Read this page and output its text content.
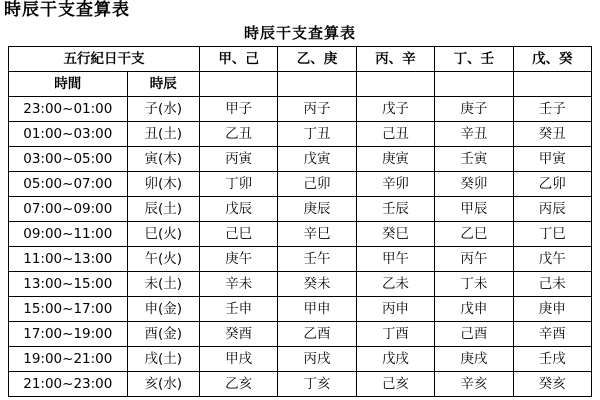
時辰干支查算表
時辰干支查算表
五行紀日干支		甲、己	乙、庚	丙、辛	丁、壬	戊、癸
時間	時辰					
23:00~01:00	子(水)	甲子	丙子	戊子	庚子	壬子
01:00~03:00	丑(土)	乙丑	丁丑	己丑	辛丑	癸丑
03:00~05:00	寅(木)	丙寅	戊寅	庚寅	壬寅	甲寅
05:00~07:00	卯(木)	丁卯	己卯	辛卯	癸卯	乙卯
07:00~09:00	辰(土)	戊辰	庚辰	壬辰	甲辰	丙辰
09:00~11:00	巳(火)	己巳	辛巳	癸巳	乙巳	丁巳
11:00~13:00	午(火)	庚午	壬午	甲午	丙午	戊午
13:00~15:00	未(土)	辛未	癸未	乙未	丁未	己未
15:00~17:00	申(金)	壬申	甲申	丙申	戊申	庚申
17:00~19:00	酉(金)	癸酉	乙酉	丁酉	己酉	辛酉
19:00~21:00	戌(土)	甲戌	丙戌	戊戌	庚戌	壬戌
21:00~23:00	亥(水)	乙亥	丁亥	己亥	辛亥	癸亥
